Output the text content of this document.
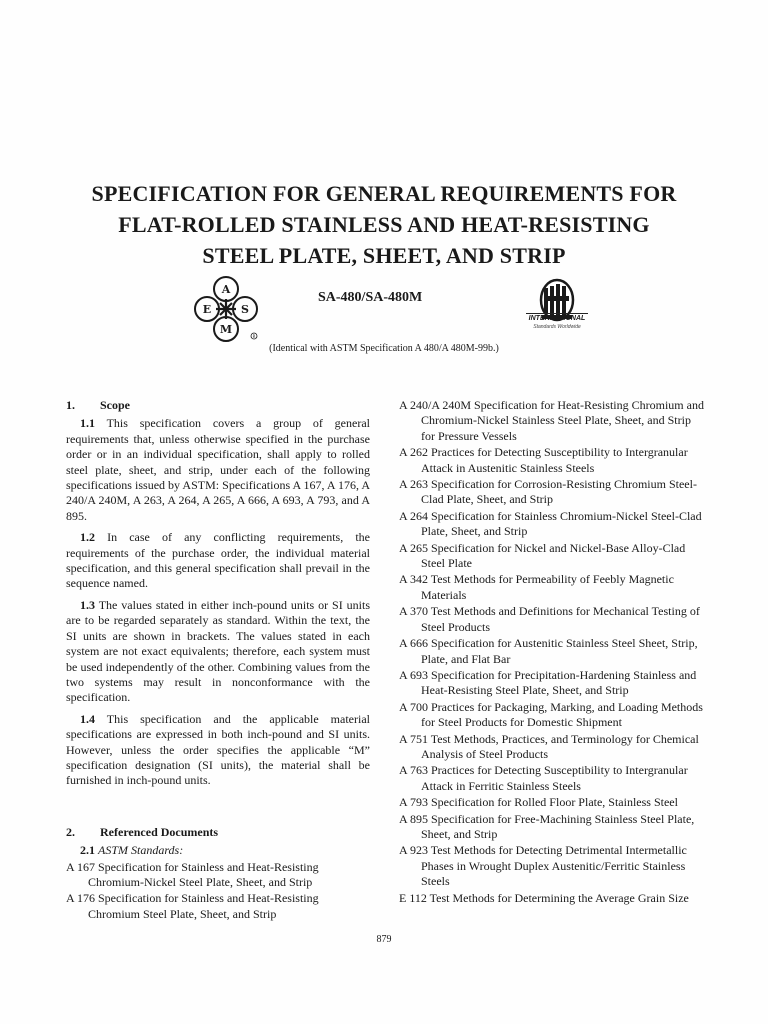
SPECIFICATION FOR GENERAL REQUIREMENTS FOR
FLAT-ROLLED STAINLESS AND HEAT-RESISTING
STEEL PLATE, SHEET, AND STRIP
A
E	S
M
R
SA-480/SA-480M
INTERNATIONAL
Standards Worldwide
(Identical with ASTM Specification A 480/A 480M-99b.)
1. Scope
1.1 This specification covers a group of general requirements that, unless otherwise specified in the purchase order or in an individual specification, shall apply to rolled steel plate, sheet, and strip, under each of the following specifications issued by ASTM: Specifications A 167, A 176, A 240/A 240M, A 263, A 264, A 265, A 666, A 693, A 793, and A 895.
1.2 In case of any conflicting requirements, the requirements of the purchase order, the individual material specification, and this general specification shall prevail in the sequence named.
1.3 The values stated in either inch-pound units or SI units are to be regarded separately as standard. Within the text, the SI units are shown in brackets. The values stated in each system are not exact equivalents; therefore, each system must be used independently of the other. Combining values from the two systems may result in nonconformance with the specification.
1.4 This specification and the applicable material specifications are expressed in both inch-pound and SI units. However, unless the order specifies the applicable “M” specification designation (SI units), the material shall be furnished in inch-pound units.
2. Referenced Documents
2.1 ASTM Standards:
A 167 Specification for Stainless and Heat-Resisting Chromium-Nickel Steel Plate, Sheet, and Strip
A 176 Specification for Stainless and Heat-Resisting Chromium Steel Plate, Sheet, and Strip
A 240/A 240M Specification for Heat-Resisting Chromium and Chromium-Nickel Stainless Steel Plate, Sheet, and Strip for Pressure Vessels
A 262 Practices for Detecting Susceptibility to Intergranular Attack in Austenitic Stainless Steels
A 263 Specification for Corrosion-Resisting Chromium Steel-Clad Plate, Sheet, and Strip
A 264 Specification for Stainless Chromium-Nickel Steel-Clad Plate, Sheet, and Strip
A 265 Specification for Nickel and Nickel-Base Alloy-Clad Steel Plate
A 342 Test Methods for Permeability of Feebly Magnetic Materials
A 370 Test Methods and Definitions for Mechanical Testing of Steel Products
A 666 Specification for Austenitic Stainless Steel Sheet, Strip, Plate, and Flat Bar
A 693 Specification for Precipitation-Hardening Stainless and Heat-Resisting Steel Plate, Sheet, and Strip
A 700 Practices for Packaging, Marking, and Loading Methods for Steel Products for Domestic Shipment
A 751 Test Methods, Practices, and Terminology for Chemical Analysis of Steel Products
A 763 Practices for Detecting Susceptibility to Intergranular Attack in Ferritic Stainless Steels
A 793 Specification for Rolled Floor Plate, Stainless Steel
A 895 Specification for Free-Machining Stainless Steel Plate, Sheet, and Strip
A 923 Test Methods for Detecting Detrimental Intermetallic Phases in Wrought Duplex Austenitic/Ferritic Stainless Steels
E 112 Test Methods for Determining the Average Grain Size
879
